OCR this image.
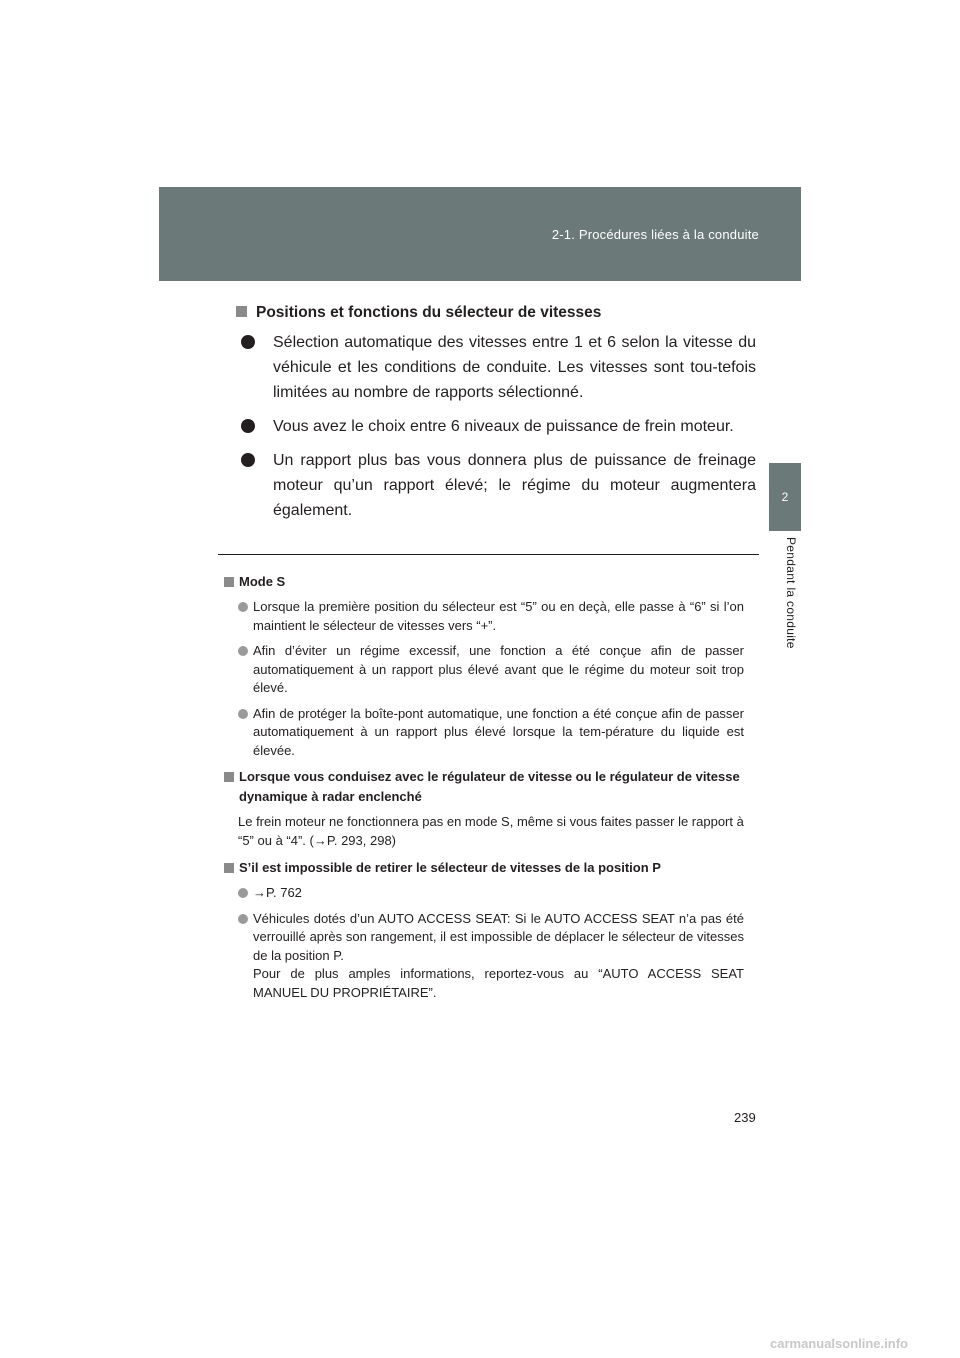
2-1. Procédures liées à la conduite
2
Pendant la conduite
Positions et fonctions du sélecteur de vitesses
Sélection automatique des vitesses entre 1 et 6 selon la vitesse du véhicule et les conditions de conduite. Les vitesses sont tou-tefois limitées au nombre de rapports sélectionné.
Vous avez le choix entre 6 niveaux de puissance de frein moteur.
Un rapport plus bas vous donnera plus de puissance de freinage moteur qu’un rapport élevé; le régime du moteur augmentera également.
Mode S
Lorsque la première position du sélecteur est “5” ou en deçà, elle passe à “6” si l’on maintient le sélecteur de vitesses vers “+”.
Afin d’éviter un régime excessif, une fonction a été conçue afin de passer automatiquement à un rapport plus élevé avant que le régime du moteur soit trop élevé.
Afin de protéger la boîte-pont automatique, une fonction a été conçue afin de passer automatiquement à un rapport plus élevé lorsque la tem-pérature du liquide est élevée.
Lorsque vous conduisez avec le régulateur de vitesse ou le régulateur de vitesse dynamique à radar enclenché
Le frein moteur ne fonctionnera pas en mode S, même si vous faites passer le rapport à “5” ou à “4”. (→P. 293, 298)
S’il est impossible de retirer le sélecteur de vitesses de la position P
→P. 762
Véhicules dotés d’un AUTO ACCESS SEAT: Si le AUTO ACCESS SEAT n’a pas été verrouillé après son rangement, il est impossible de déplacer le sélecteur de vitesses de la position P.
Pour de plus amples informations, reportez-vous au “AUTO ACCESS SEAT MANUEL DU PROPRIÉTAIRE”.
239
carmanualsonline.info
